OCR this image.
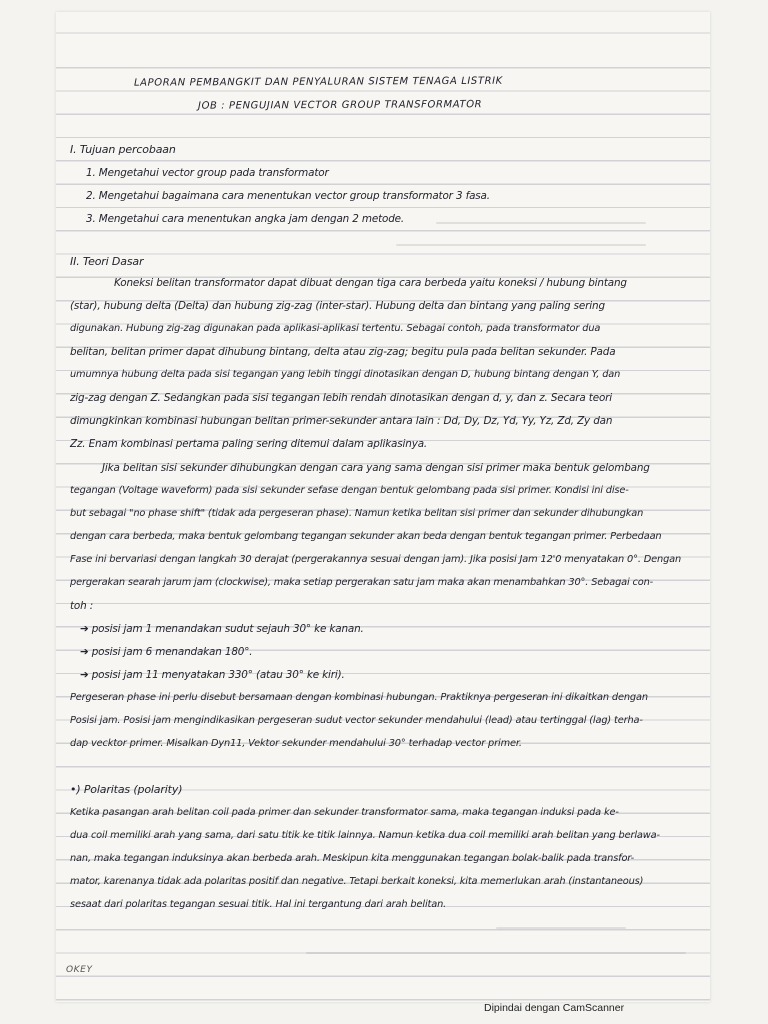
LAPORAN PEMBANGKIT DAN PENYALURAN SISTEM TENAGA LISTRIK
JOB : PENGUJIAN VECTOR GROUP TRANSFORMATOR
I. Tujuan percobaan
1. Mengetahui vector group pada transformator
2. Mengetahui bagaimana cara menentukan vector group transformator 3 fasa.
3. Mengetahui cara menentukan angka jam dengan 2 metode.
II. Teori Dasar
Koneksi belitan transformator dapat dibuat dengan tiga cara berbeda yaitu koneksi / hubung bintang
(star), hubung delta (Delta) dan hubung zig-zag (inter-star). Hubung delta dan bintang yang paling sering
digunakan. Hubung zig-zag digunakan pada aplikasi-aplikasi tertentu. Sebagai contoh, pada transformator dua
belitan, belitan primer dapat dihubung bintang, delta atau zig-zag; begitu pula pada belitan sekunder. Pada
umumnya hubung delta pada sisi tegangan yang lebih tinggi dinotasikan dengan D, hubung bintang dengan Y, dan
zig-zag dengan Z. Sedangkan pada sisi tegangan lebih rendah dinotasikan dengan d, y, dan z. Secara teori
dimungkinkan kombinasi hubungan belitan primer-sekunder antara lain : Dd, Dy, Dz, Yd, Yy, Yz, Zd, Zy dan
Zz. Enam kombinasi pertama paling sering ditemui dalam aplikasinya.
Jika belitan sisi sekunder dihubungkan dengan cara yang sama dengan sisi primer maka bentuk gelombang
tegangan (Voltage waveform) pada sisi sekunder sefase dengan bentuk gelombang pada sisi primer. Kondisi ini dise-
but sebagai "no phase shift" (tidak ada pergeseran phase). Namun ketika belitan sisi primer dan sekunder dihubungkan
dengan cara berbeda, maka bentuk gelombang tegangan sekunder akan beda dengan bentuk tegangan primer. Perbedaan
Fase ini bervariasi dengan langkah 30 derajat (pergerakannya sesuai dengan jam). Jika posisi Jam 12'0 menyatakan 0°. Dengan
pergerakan searah jarum jam (clockwise), maka setiap pergerakan satu jam maka akan menambahkan 30°. Sebagai con-
toh :
➔ posisi jam 1 menandakan sudut sejauh 30° ke kanan.
➔ posisi jam 6 menandakan 180°.
➔ posisi jam 11 menyatakan 330° (atau 30° ke kiri).
Pergeseran phase ini perlu disebut bersamaan dengan kombinasi hubungan. Praktiknya pergeseran ini dikaitkan dengan
Posisi jam. Posisi jam mengindikasikan pergeseran sudut vector sekunder mendahului (lead) atau tertinggal (lag) terha-
dap vecktor primer. Misalkan Dyn11, Vektor sekunder mendahului 30° terhadap vector primer.
•) Polaritas (polarity)
Ketika pasangan arah belitan coil pada primer dan sekunder transformator sama, maka tegangan induksi pada ke-
dua coil memiliki arah yang sama, dari satu titik ke titik lainnya. Namun ketika dua coil memiliki arah belitan yang berlawa-
nan, maka tegangan induksinya akan berbeda arah. Meskipun kita menggunakan tegangan bolak-balik pada transfor-
mator, karenanya tidak ada polaritas positif dan negative. Tetapi berkait koneksi, kita memerlukan arah (instantaneous)
sesaat dari polaritas tegangan sesuai titik. Hal ini tergantung dari arah belitan.
OKEY
Dipindai dengan CamScanner
